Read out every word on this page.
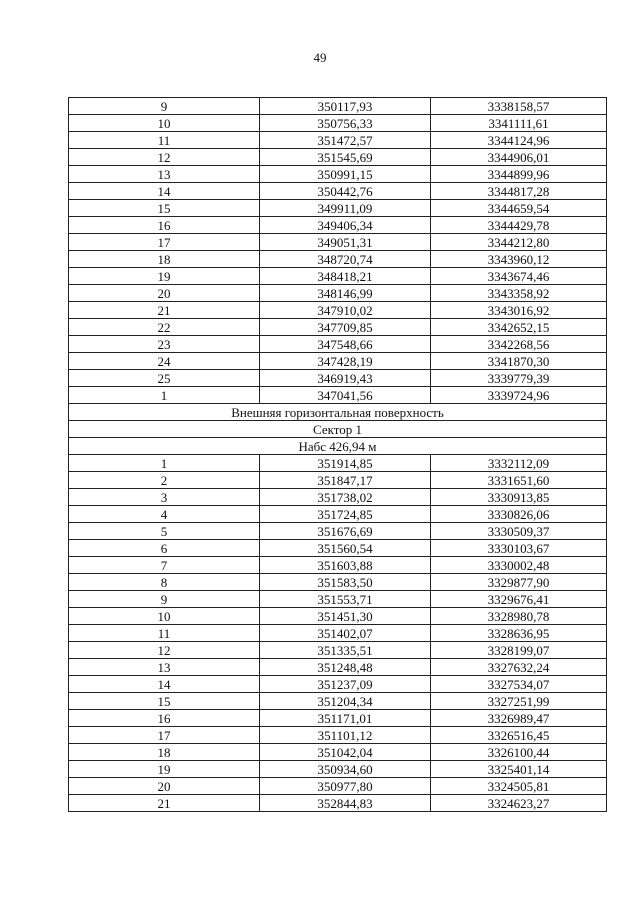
49
9	350117,93	3338158,57
10	350756,33	3341111,61
11	351472,57	3344124,96
12	351545,69	3344906,01
13	350991,15	3344899,96
14	350442,76	3344817,28
15	349911,09	3344659,54
16	349406,34	3344429,78
17	349051,31	3344212,80
18	348720,74	3343960,12
19	348418,21	3343674,46
20	348146,99	3343358,92
21	347910,02	3343016,92
22	347709,85	3342652,15
23	347548,66	3342268,56
24	347428,19	3341870,30
25	346919,43	3339779,39
1	347041,56	3339724,96
Внешняя горизонтальная поверхность		
Сектор 1		
Набс 426,94 м		
1	351914,85	3332112,09
2	351847,17	3331651,60
3	351738,02	3330913,85
4	351724,85	3330826,06
5	351676,69	3330509,37
6	351560,54	3330103,67
7	351603,88	3330002,48
8	351583,50	3329877,90
9	351553,71	3329676,41
10	351451,30	3328980,78
11	351402,07	3328636,95
12	351335,51	3328199,07
13	351248,48	3327632,24
14	351237,09	3327534,07
15	351204,34	3327251,99
16	351171,01	3326989,47
17	351101,12	3326516,45
18	351042,04	3326100,44
19	350934,60	3325401,14
20	350977,80	3324505,81
21	352844,83	3324623,27
